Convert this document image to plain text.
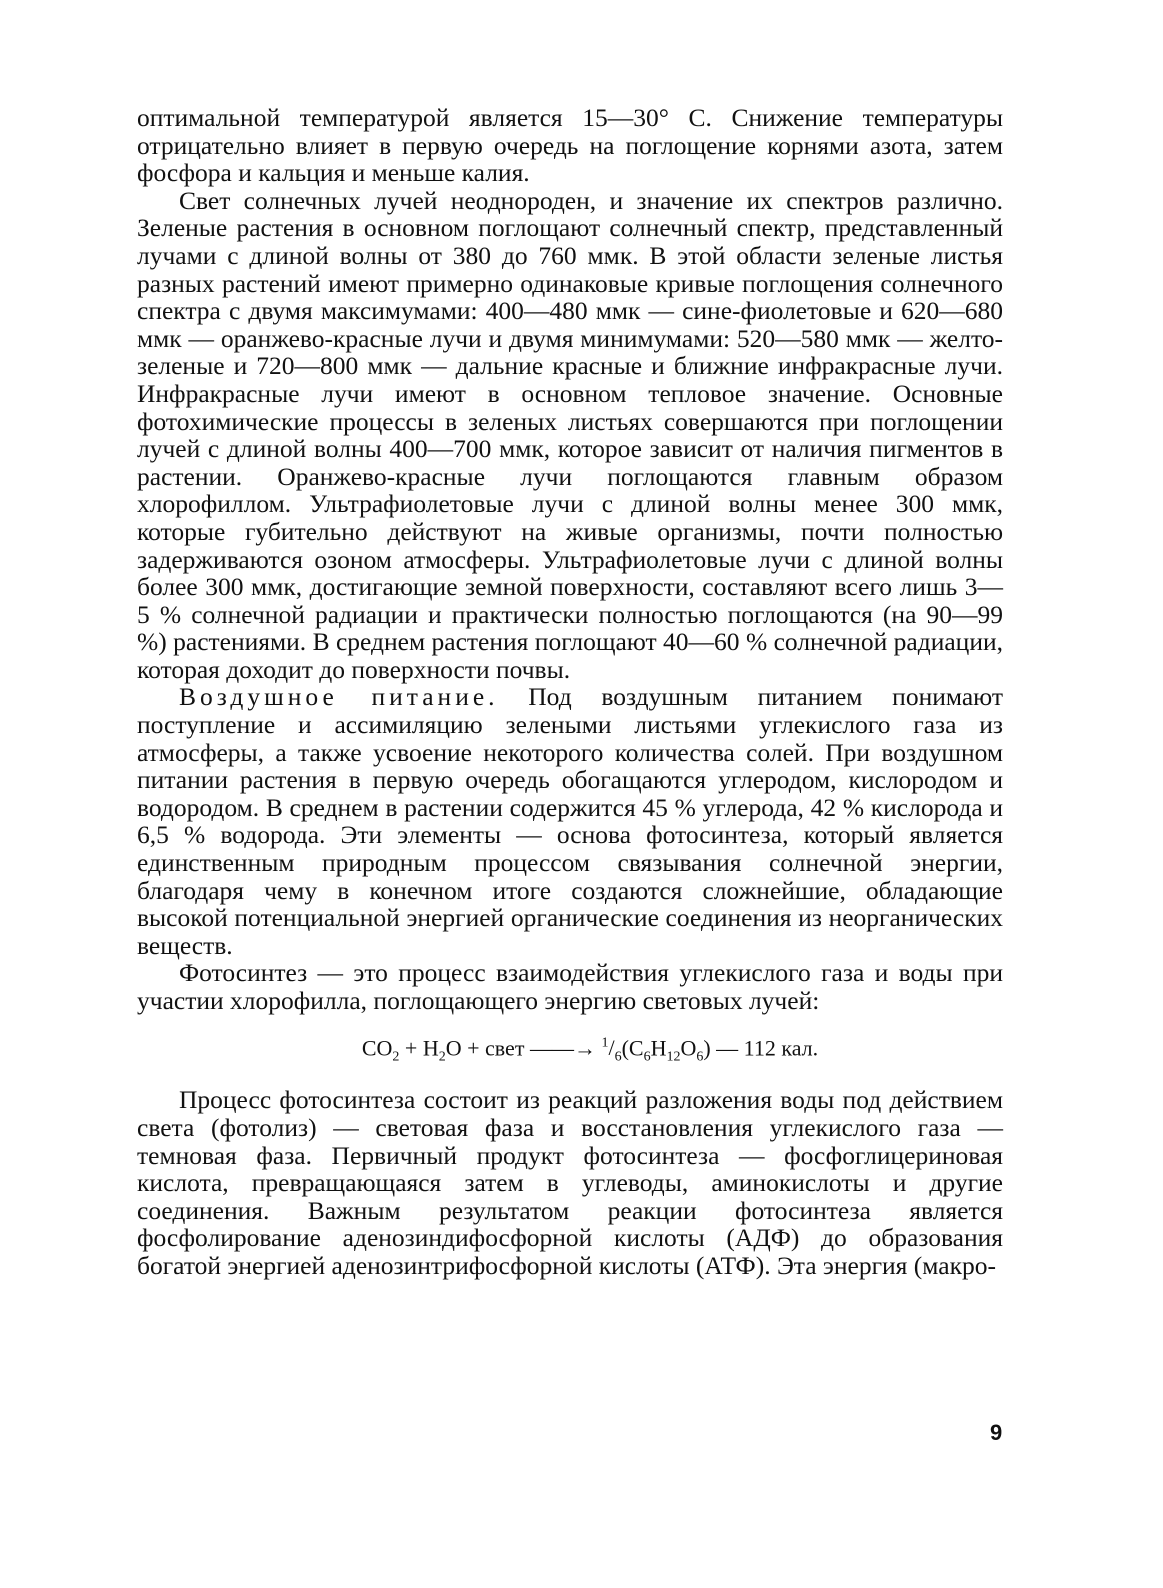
оптимальной температурой является 15—30° С. Снижение температуры отрицательно влияет в первую очередь на поглощение корнями азота, затем фосфора и кальция и меньше калия.

Свет солнечных лучей неоднороден, и значение их спектров различно. Зеленые растения в основном поглощают солнечный спектр, представленный лучами с длиной волны от 380 до 760 ммк. В этой области зеленые листья разных растений имеют примерно одинаковые кривые поглощения солнечного спектра с двумя максимумами: 400—480 ммк — сине-фиолетовые и 620—680 ммк — оранжево-красные лучи и двумя минимумами: 520—580 ммк — желто-зеленые и 720—800 ммк — дальние красные и ближние инфракрасные лучи. Инфракрасные лучи имеют в основном тепловое значение. Основные фотохимические процессы в зеленых листьях совершаются при поглощении лучей с длиной волны 400—700 ммк, которое зависит от наличия пигментов в растении. Оранжево-красные лучи поглощаются главным образом хлорофиллом. Ультрафиолетовые лучи с длиной волны менее 300 ммк, которые губительно действуют на живые организмы, почти полностью задерживаются озоном атмосферы. Ультрафиолетовые лучи с длиной волны более 300 ммк, достигающие земной поверхности, составляют всего лишь 3—5 % солнечной радиации и практически полностью поглощаются (на 90—99 %) растениями. В среднем растения поглощают 40—60 % солнечной радиации, которая доходит до поверхности почвы.

Воздушное питание. Под воздушным питанием понимают поступление и ассимиляцию зелеными листьями углекислого газа из атмосферы, а также усвоение некоторого количества солей. При воздушном питании растения в первую очередь обогащаются углеродом, кислородом и водородом. В среднем в растении содержится 45 % углерода, 42 % кислорода и 6,5 % водорода. Эти элементы — основа фотосинтеза, который является единственным природным процессом связывания солнечной энергии, благодаря чему в конечном итоге создаются сложнейшие, обладающие высокой потенциальной энергией органические соединения из неорганических веществ.

Фотосинтез — это процесс взаимодействия углекислого газа и воды при участии хлорофилла, поглощающего энергию световых лучей:

$CO_2 + H_2O$ + свет ——→ $^1/_6(C_6H_{12}O_6)$ — 112 кал.

Процесс фотосинтеза состоит из реакций разложения воды под действием света (фотолиз) — световая фаза и восстановления углекислого газа — темновая фаза. Первичный продукт фотосинтеза — фосфоглицериновая кислота, превращающаяся затем в углеводы, аминокислоты и другие соединения. Важным результатом реакции фотосинтеза является фосфолирование аденозиндифосфорной кислоты (АДФ) до образования богатой энергией аденозинтрифосфорной кислоты (АТФ). Эта энергия (макро-

9
